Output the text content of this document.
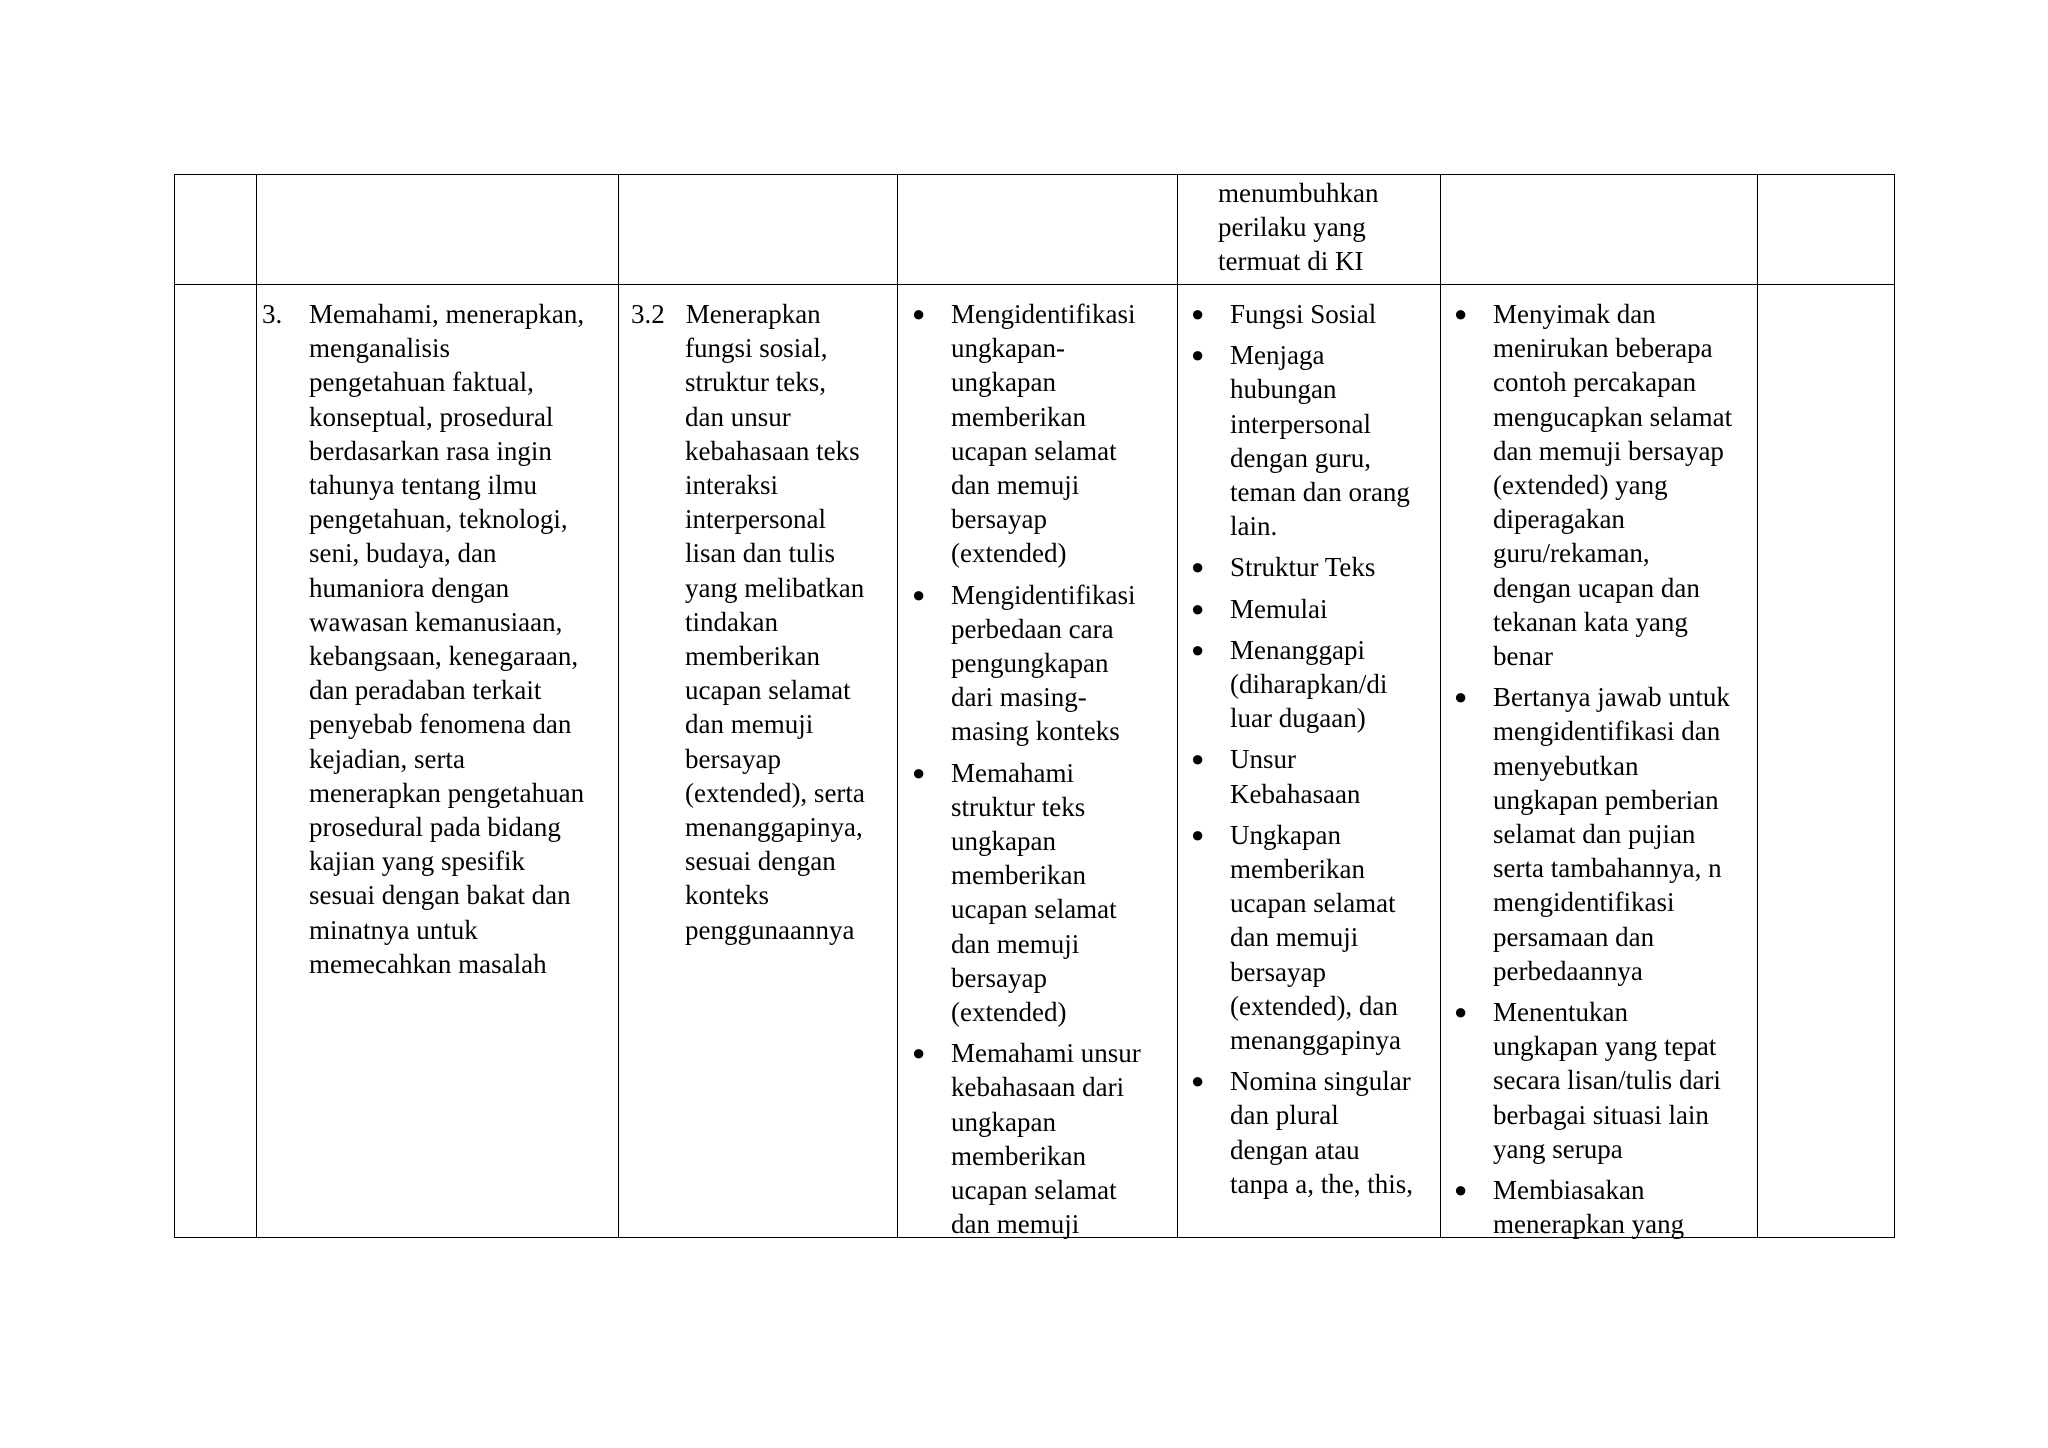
menumbuhkan
perilaku yang
termuat di KI
3. Memahami, menerapkan,
menganalisis
pengetahuan faktual,
konseptual, prosedural
berdasarkan rasa ingin
tahunya tentang ilmu
pengetahuan, teknologi,
seni, budaya, dan
humaniora dengan
wawasan kemanusiaan,
kebangsaan, kenegaraan,
dan peradaban terkait
penyebab fenomena dan
kejadian, serta
menerapkan pengetahuan
prosedural pada bidang
kajian yang spesifik
sesuai dengan bakat dan
minatnya untuk
memecahkan masalah
3.2 Menerapkan
fungsi sosial,
struktur teks,
dan unsur
kebahasaan teks
interaksi
interpersonal
lisan dan tulis
yang melibatkan
tindakan
memberikan
ucapan selamat
dan memuji
bersayap
(extended), serta
menanggapinya,
sesuai dengan
konteks
penggunaannya
● Mengidentifikasi
ungkapan-
ungkapan
memberikan
ucapan selamat
dan memuji
bersayap
(extended)
● Mengidentifikasi
perbedaan cara
pengungkapan
dari masing-
masing konteks
● Memahami
struktur teks
ungkapan
memberikan
ucapan selamat
dan memuji
bersayap
(extended)
● Memahami unsur
kebahasaan dari
ungkapan
memberikan
ucapan selamat
dan memuji
● Fungsi Sosial
● Menjaga
hubungan
interpersonal
dengan guru,
teman dan orang
lain.
● Struktur Teks
● Memulai
● Menanggapi
(diharapkan/di
luar dugaan)
● Unsur
Kebahasaan
● Ungkapan
memberikan
ucapan selamat
dan memuji
bersayap
(extended), dan
menanggapinya
● Nomina singular
dan plural
dengan atau
tanpa a, the, this,
● Menyimak dan
menirukan beberapa
contoh percakapan
mengucapkan selamat
dan memuji bersayap
(extended) yang
diperagakan
guru/rekaman,
dengan ucapan dan
tekanan kata yang
benar
● Bertanya jawab untuk
mengidentifikasi dan
menyebutkan
ungkapan pemberian
selamat dan pujian
serta tambahannya, n
mengidentifikasi
persamaan dan
perbedaannya
● Menentukan
ungkapan yang tepat
secara lisan/tulis dari
berbagai situasi lain
yang serupa
● Membiasakan
menerapkan yang
